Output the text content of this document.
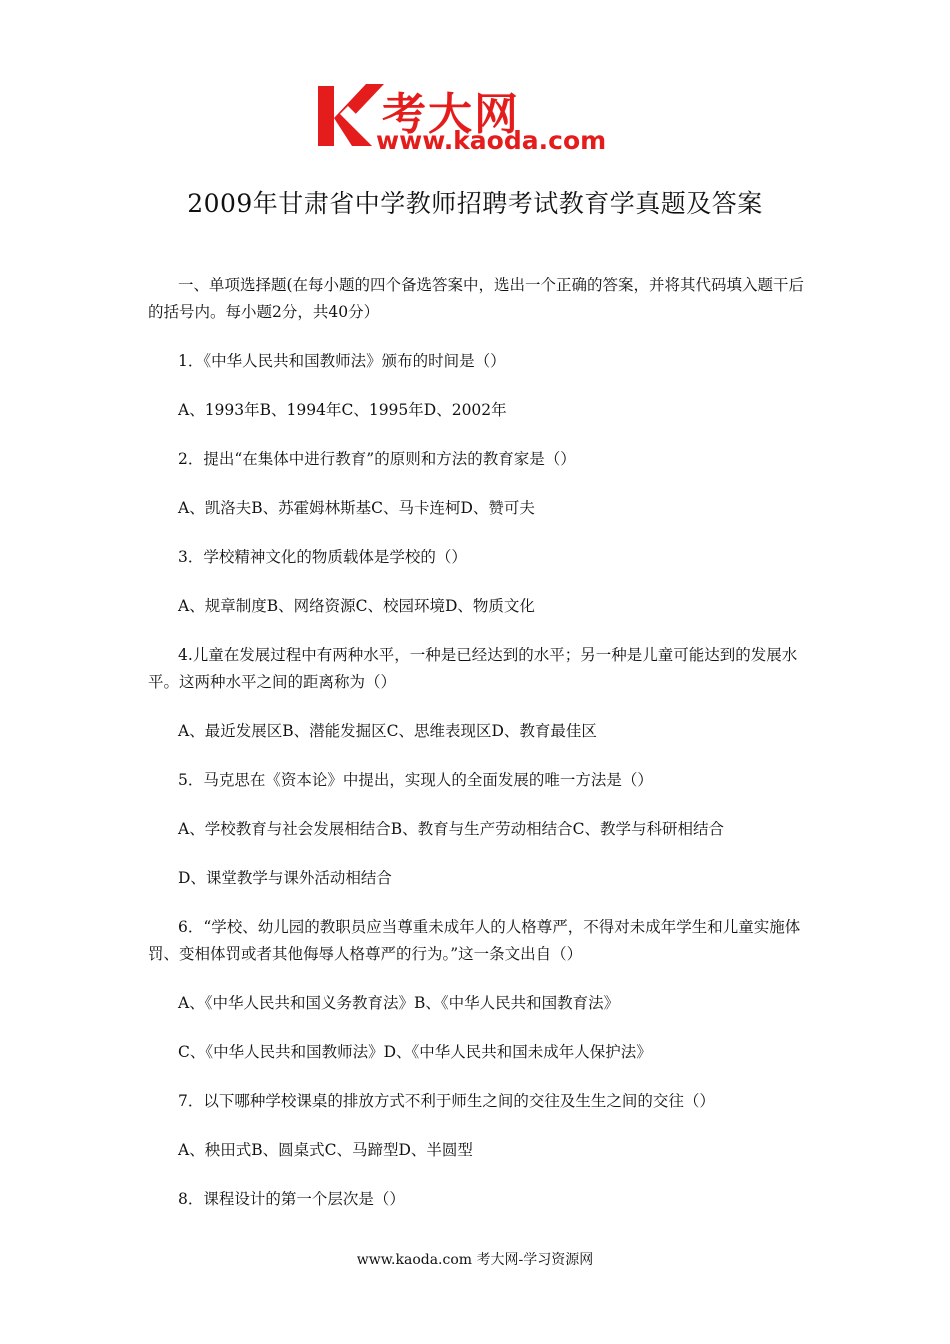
考大网
www.kaoda.com
2009年甘肃省中学教师招聘考试教育学真题及答案

一、单项选择题(在每小题的四个备选答案中，选出一个正确的答案，并将其代码填入题干后的括号内。每小题2分，共40分）

1．《中华人民共和国教师法》颁布的时间是（）

A、1993年B、1994年C、1995年D、2002年

2．提出“在集体中进行教育”的原则和方法的教育家是（）

A、凯洛夫B、苏霍姆林斯基C、马卡连柯D、赞可夫

3．学校精神文化的物质载体是学校的（）

A、规章制度B、网络资源C、校园环境D、物质文化

4.儿童在发展过程中有两种水平，一种是已经达到的水平；另一种是儿童可能达到的发展水平。这两种水平之间的距离称为（）

A、最近发展区B、潜能发掘区C、思维表现区D、教育最佳区

5．马克思在《资本论》中提出，实现人的全面发展的唯一方法是（）

A、学校教育与社会发展相结合B、教育与生产劳动相结合C、教学与科研相结合

D、课堂教学与课外活动相结合

6．“学校、幼儿园的教职员应当尊重未成年人的人格尊严，不得对未成年学生和儿童实施体罚、变相体罚或者其他侮辱人格尊严的行为。”这一条文出自（）

A、《中华人民共和国义务教育法》B、《中华人民共和国教育法》

C、《中华人民共和国教师法》D、《中华人民共和国未成年人保护法》

7．以下哪种学校课桌的排放方式不利于师生之间的交往及生生之间的交往（）

A、秧田式B、圆桌式C、马蹄型D、半圆型

8．课程设计的第一个层次是（）

www.kaoda.com 考大网-学习资源网
